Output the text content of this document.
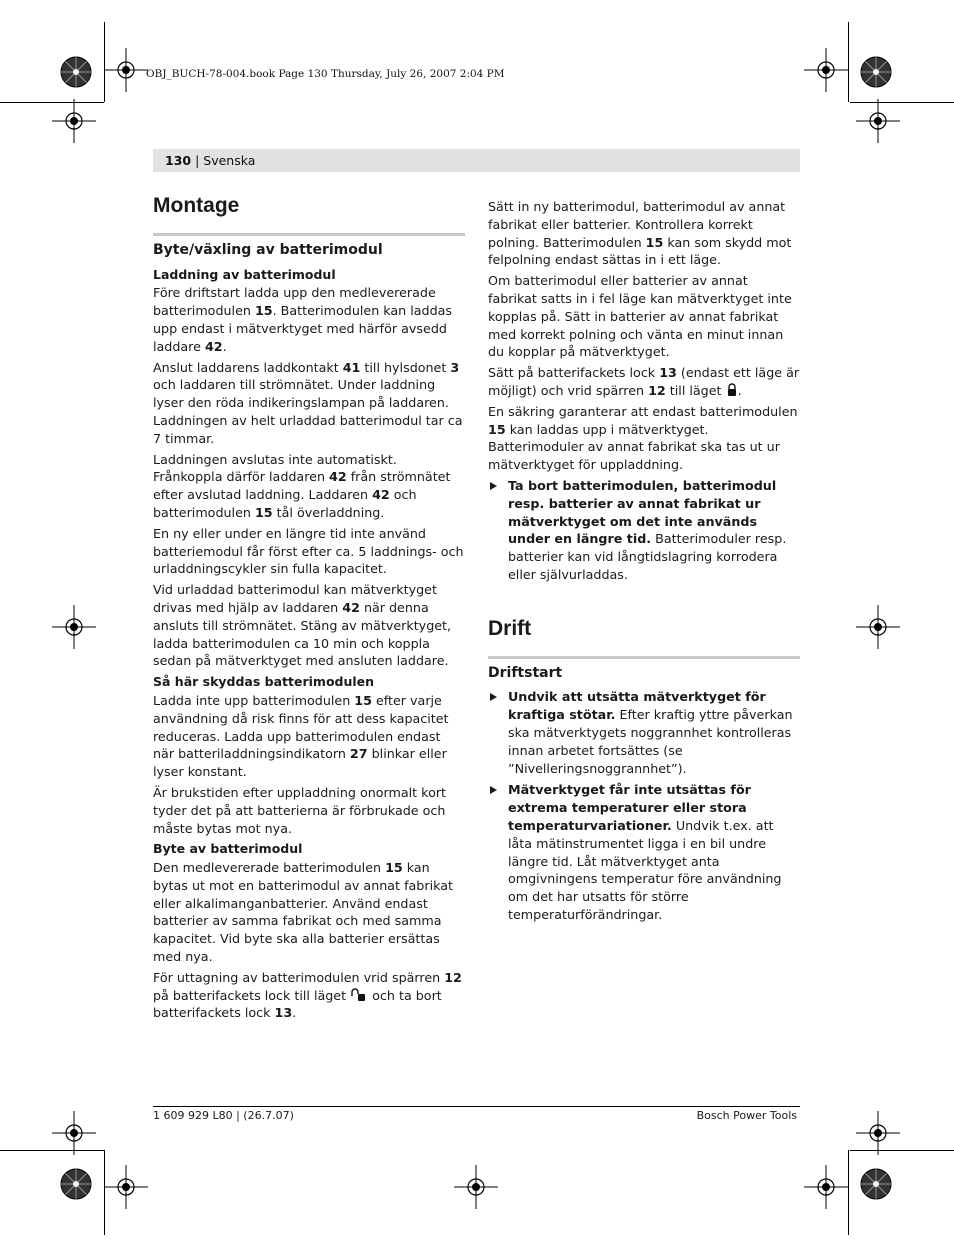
OBJ_BUCH-78-004.book Page 130 Thursday, July 26, 2007 2:04 PM
130 | Svenska
Montage
Byte/växling av batterimodul
Laddning av batterimodul

Före driftstart ladda upp den medlevererade batterimodulen 15. Batterimodulen kan laddas upp endast i mätverktyget med härför avsedd laddare 42.

Anslut laddarens laddkontakt 41 till hylsdonet 3 och laddaren till strömnätet. Under laddning lyser den röda indikeringslampan på laddaren. Laddningen av helt urladdad batterimodul tar ca 7 timmar.

Laddningen avslutas inte automatiskt. Frånkoppla därför laddaren 42 från strömnätet efter avslutad laddning. Laddaren 42 och batterimodulen 15 tål överladdning.

En ny eller under en längre tid inte använd batteriemodul får först efter ca. 5 laddnings- och urladdningscykler sin fulla kapacitet.

Vid urladdad batterimodul kan mätverktyget drivas med hjälp av laddaren 42 när denna ansluts till strömnätet. Stäng av mätverktyget, ladda batterimodulen ca 10 min och koppla sedan på mätverktyget med ansluten laddare.

Så här skyddas batterimodulen

Ladda inte upp batterimodulen 15 efter varje användning då risk finns för att dess kapacitet reduceras. Ladda upp batterimodulen endast när batteriladdningsindikatorn 27 blinkar eller lyser konstant.

Är brukstiden efter uppladdning onormalt kort tyder det på att batterierna är förbrukade och måste bytas mot nya.

Byte av batterimodul

Den medlevererade batterimodulen 15 kan bytas ut mot en batterimodul av annat fabrikat eller alkalimanganbatterier. Använd endast batterier av samma fabrikat och med samma kapacitet. Vid byte ska alla batterier ersättas med nya.

För uttagning av batterimodulen vrid spärren 12 på batterifackets lock till läget  och ta bort batterifackets lock 13.

Sätt in ny batterimodul, batterimodul av annat fabrikat eller batterier. Kontrollera korrekt polning. Batterimodulen 15 kan som skydd mot felpolning endast sättas in i ett läge.

Om batterimodul eller batterier av annat fabrikat satts in i fel läge kan mätverktyget inte kopplas på. Sätt in batterier av annat fabrikat med korrekt polning och vänta en minut innan du kopplar på mätverktyget.

Sätt på batterifackets lock 13 (endast ett läge är möjligt) och vrid spärren 12 till läget .

En säkring garanterar att endast batterimodulen 15 kan laddas upp i mätverktyget. Batterimoduler av annat fabrikat ska tas ut ur mätverktyget för uppladdning.

Ta bort batterimodulen, batterimodul resp. batterier av annat fabrikat ur mätverktyget om det inte används under en längre tid. Batterimoduler resp. batterier kan vid långtidslagring korrodera eller självurladdas.
Drift
Driftstart
Undvik att utsätta mätverktyget för kraftiga stötar. Efter kraftig yttre påverkan ska mätverktygets noggrannhet kontrolleras innan arbetet fortsättes (se ”Nivelleringsnoggrannhet”).
Mätverktyget får inte utsättas för extrema temperaturer eller stora temperaturvariationer. Undvik t.ex. att låta mätinstrumentet ligga i en bil undre längre tid. Låt mätverktyget anta omgivningens temperatur före användning om det har utsatts för större temperaturförändringar.
1 609 929 L80 | (26.7.07)	Bosch Power Tools
